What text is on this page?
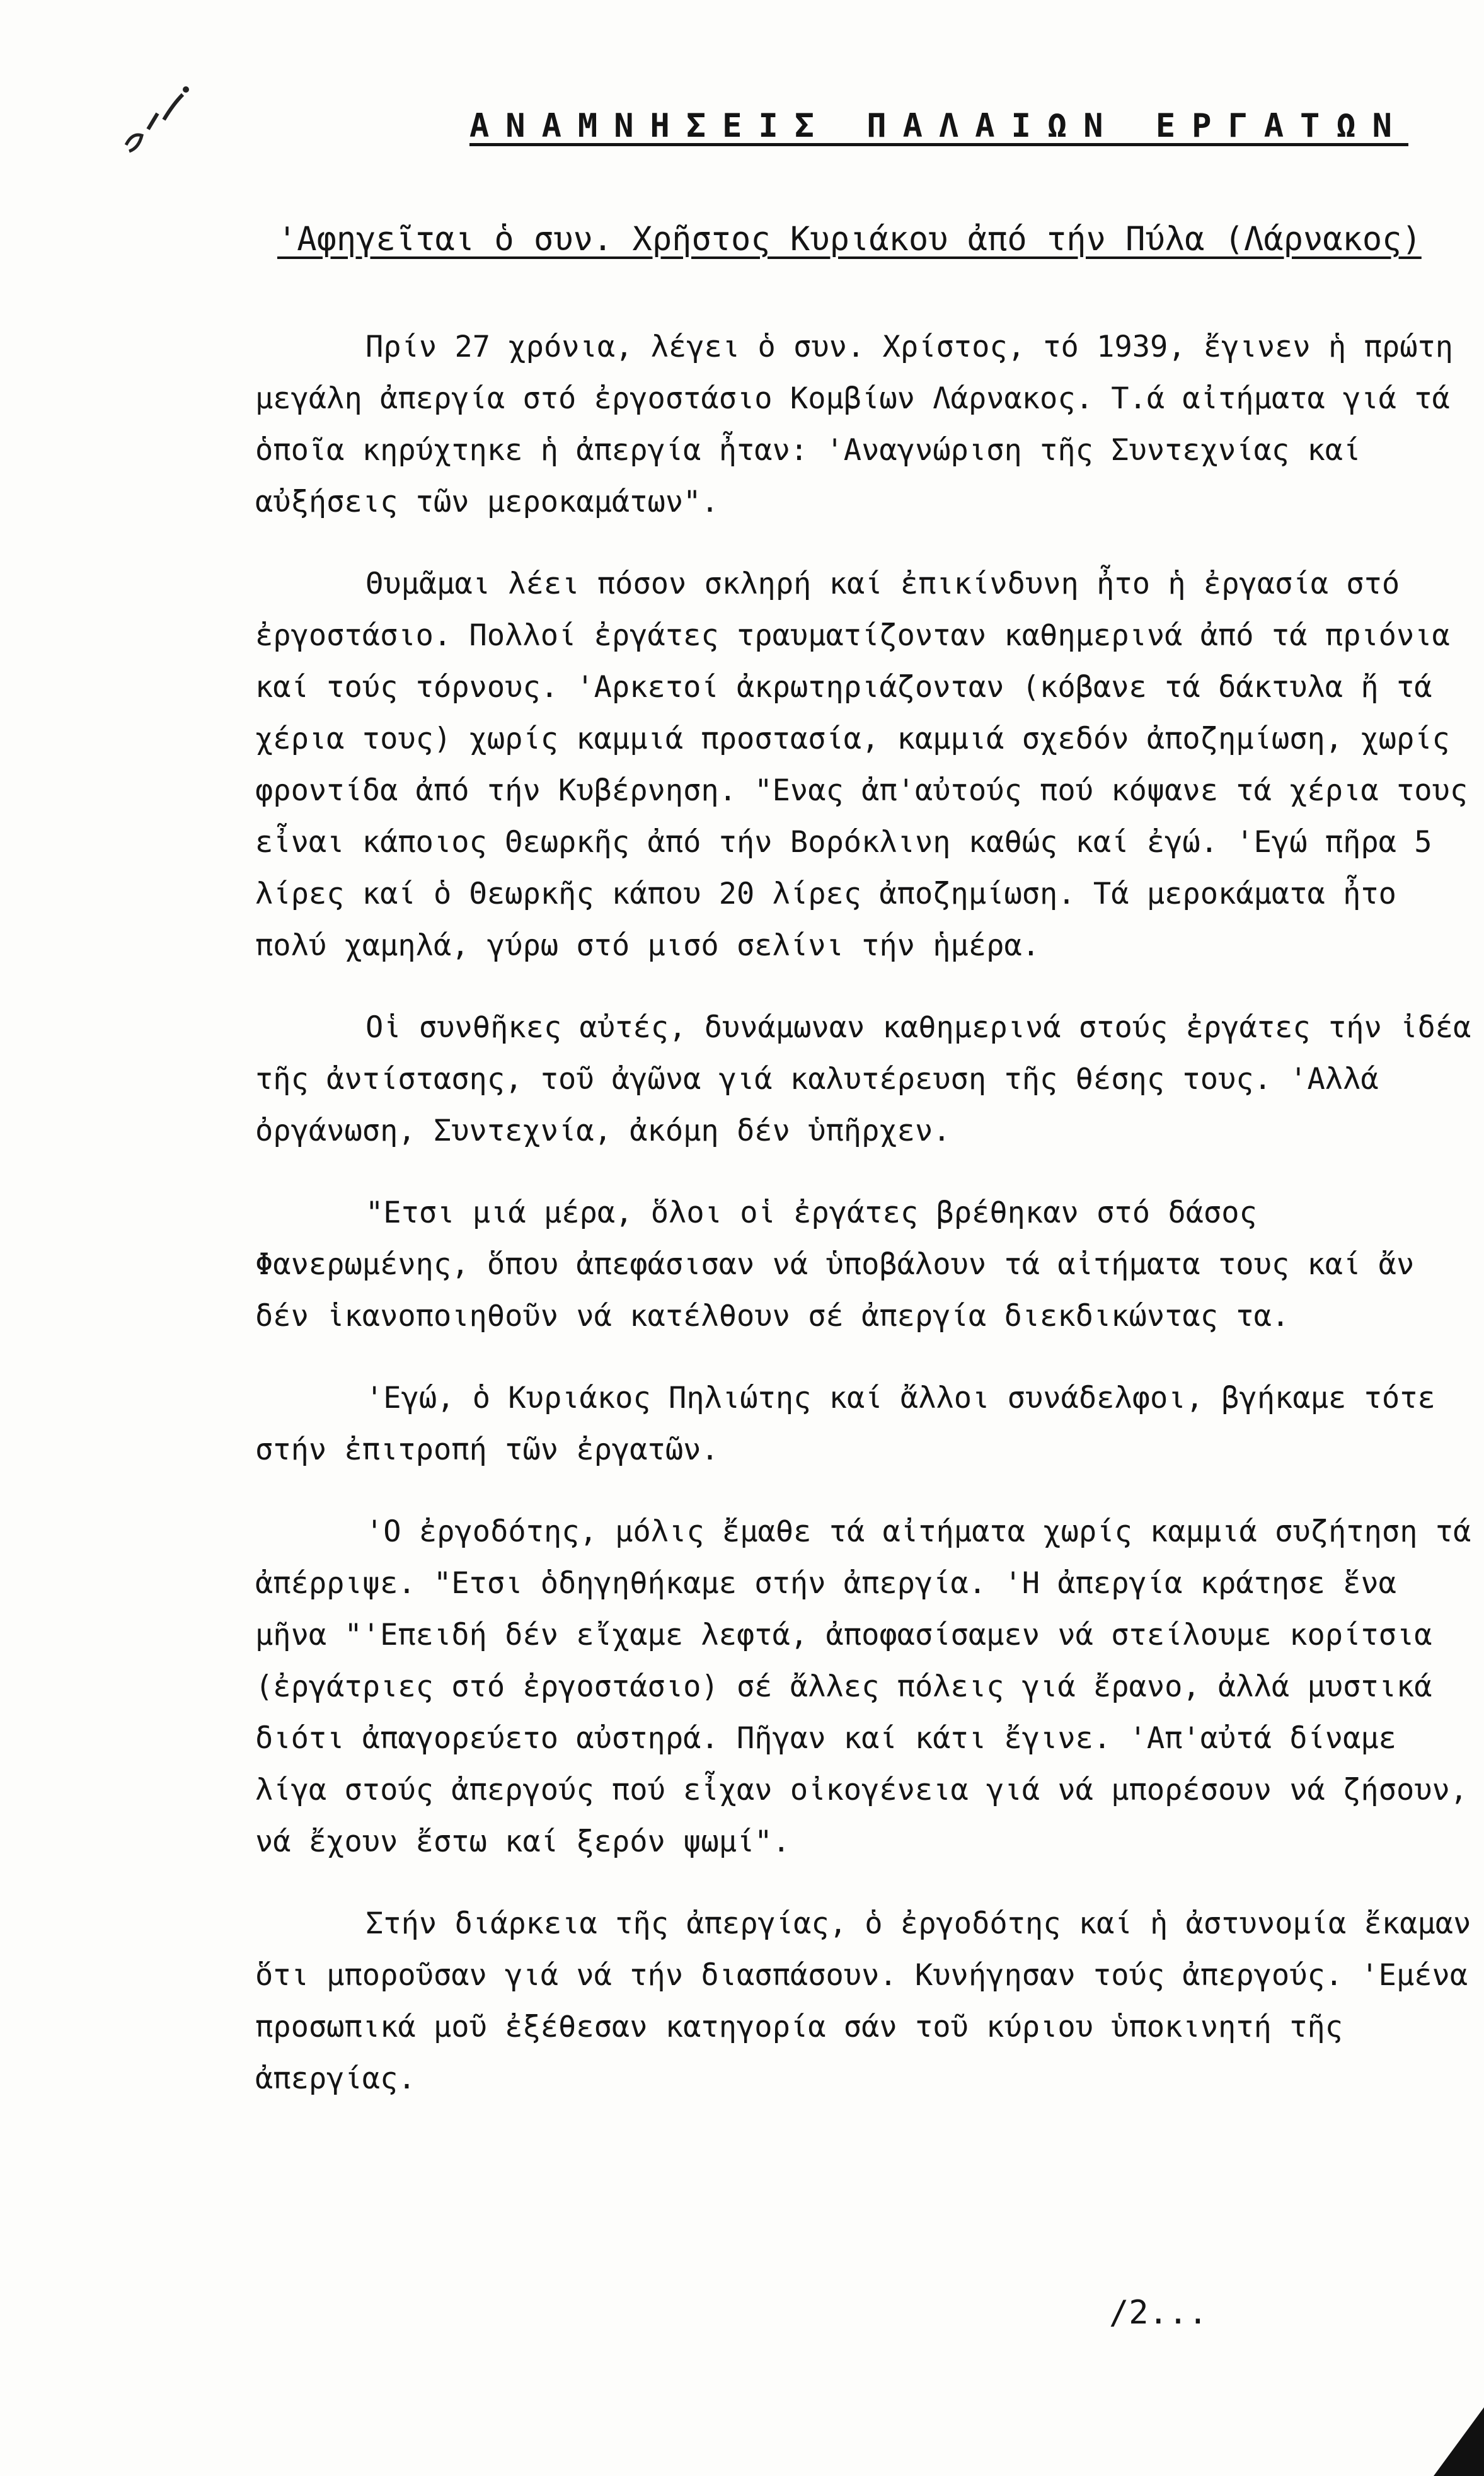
ΑΝΑΜΝΗΣΕΙΣ ΠΑΛΑΙΩΝ ΕΡΓΑΤΩΝ
'Αφηγεῖται ὁ συν. Χρῆστος Κυριάκου ἀπό τήν Πύλα (Λάρνακος)

Πρίν 27 χρόνια, λέγει ὁ συν. Χρίστος, τό 1939, ἔγινεν ἡ πρώτη μεγάλη ἀπεργία στό ἐργοστάσιο Κομβίων Λάρνακος. Τ.ά αἰτήματα γιά τά ὁποῖα κηρύχτηκε ἡ ἀπεργία ἦταν: 'Αναγνώριση τῆς Συντεχνίας καί αὐξήσεις τῶν μεροκαμάτων".

Θυμᾶμαι λέει πόσον σκληρή καί ἐπικίνδυνη ἦτο ἡ ἐργασία στό ἐργοστάσιο. Πολλοί ἐργάτες τραυματίζονταν καθημερινά ἀπό τά πριόνια καί τούς τόρνους. 'Αρκετοί ἀκρωτηριάζονταν (κόβανε τά δάκτυλα ἤ τά χέρια τους) χωρίς καμμιά προστασία, καμμιά σχεδόν ἀποζημίωση, χωρίς φροντίδα ἀπό τήν Κυβέρνηση. "Ενας ἀπ'αὐτούς πού κόψανε τά χέρια τους εἶναι κάποιος Θεωρκῆς ἀπό τήν Βορόκλινη καθώς καί ἐγώ. 'Εγώ πῆρα 5 λίρες καί ὁ Θεωρκῆς κάπου 20 λίρες ἀποζημίωση. Τά μεροκάματα ἦτο πολύ χαμηλά, γύρω στό μισό σελίνι τήν ἡμέρα.

Οἱ συνθῆκες αὐτές, δυνάμωναν καθημερινά στούς ἐργάτες τήν ἰδέα τῆς ἀντίστασης, τοῦ ἀγῶνα γιά καλυτέρευση τῆς θέσης τους. 'Αλλά ὀργάνωση, Συντεχνία, ἀκόμη δέν ὑπῆρχεν.

"Ετσι μιά μέρα, ὅλοι οἱ ἐργάτες βρέθηκαν στό δάσος Φανερωμένης, ὅπου ἀπεφάσισαν νά ὑποβάλουν τά αἰτήματα τους καί ἄν δέν ἱκανοποιηθοῦν νά κατέλθουν σέ ἀπεργία διεκδικώντας τα.

'Εγώ, ὁ Κυριάκος Πηλιώτης καί ἄλλοι συνάδελφοι, βγήκαμε τότε στήν ἐπιτροπή τῶν ἐργατῶν.

'Ο ἐργοδότης, μόλις ἔμαθε τά αἰτήματα χωρίς καμμιά συζήτηση τά ἀπέρριψε. "Ετσι ὁδηγηθήκαμε στήν ἀπεργία. 'Η ἀπεργία κράτησε ἕνα μῆνα "'Επειδή δέν εἴχαμε λεφτά, ἀποφασίσαμεν νά στείλουμε κορίτσια (ἐργάτριες στό ἐργοστάσιο) σέ ἄλλες πόλεις γιά ἔρανο, ἀλλά μυστικά διότι ἀπαγορεύετο αὐστηρά. Πῆγαν καί κάτι ἔγινε. 'Απ'αὐτά δίναμε λίγα στούς ἀπεργούς πού εἶχαν οἰκογένεια γιά νά μπορέσουν νά ζήσουν, νά ἔχουν ἔστω καί ξερόν ψωμί".

Στήν διάρκεια τῆς ἀπεργίας, ὁ ἐργοδότης καί ἡ ἀστυνομία ἔκαμαν ὅτι μποροῦσαν γιά νά τήν διασπάσουν. Κυνήγησαν τούς ἀπεργούς. 'Εμένα προσωπικά μοῦ ἐξέθεσαν κατηγορία σάν τοῦ κύριου ὑποκινητή τῆς ἀπεργίας.

/2...
